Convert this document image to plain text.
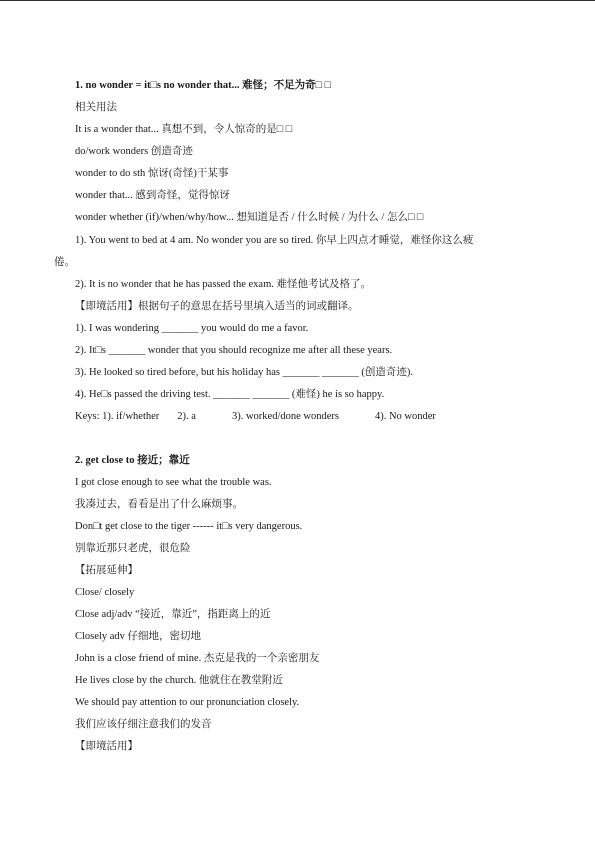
1. no wonder = it□s no wonder that... 难怪；不足为奇□ □
相关用法
It is a wonder that... 真想不到，令人惊奇的是□ □
do/work wonders 创造奇迹
wonder to do sth 惊讶(奇怪)干某事
wonder that... 感到奇怪，觉得惊讶
wonder whether (if)/when/why/how... 想知道是否 / 什么时候 / 为什么 / 怎么□ □
1). You went to bed at 4 am. No wonder you are so tired. 你早上四点才睡觉，难怪你这么疲
倦。
2). It is no wonder that he has passed the exam. 难怪他考试及格了。
【即境活用】根据句子的意思在括号里填入适当的词或翻译。
1). I was wondering _______ you would do me a favor.
2). It□s _______ wonder that you should recognize me after all these years.
3). He looked so tired before, but his holiday has _______ _______ (创造奇迹).
4). He□s passed the driving test. _______ _______ (难怪) he is so happy.
Keys: 1). if/whether 2). a	3). worked/done wonders	4). No wonder
2. get close to 接近；靠近
I got close enough to see what the trouble was.
我凑过去，看看是出了什么麻烦事。
Don□t get close to the tiger ------ it□s very dangerous.
别靠近那只老虎，很危险
【拓展延伸】
Close/ closely
Close adj/adv “接近，靠近”，指距离上的近
Closely adv 仔细地，密切地
John is a close friend of mine. 杰克是我的一个亲密朋友
He lives close by the church. 他就住在教堂附近
We should pay attention to our pronunciation closely.
我们应该仔细注意我们的发音
【即境活用】
